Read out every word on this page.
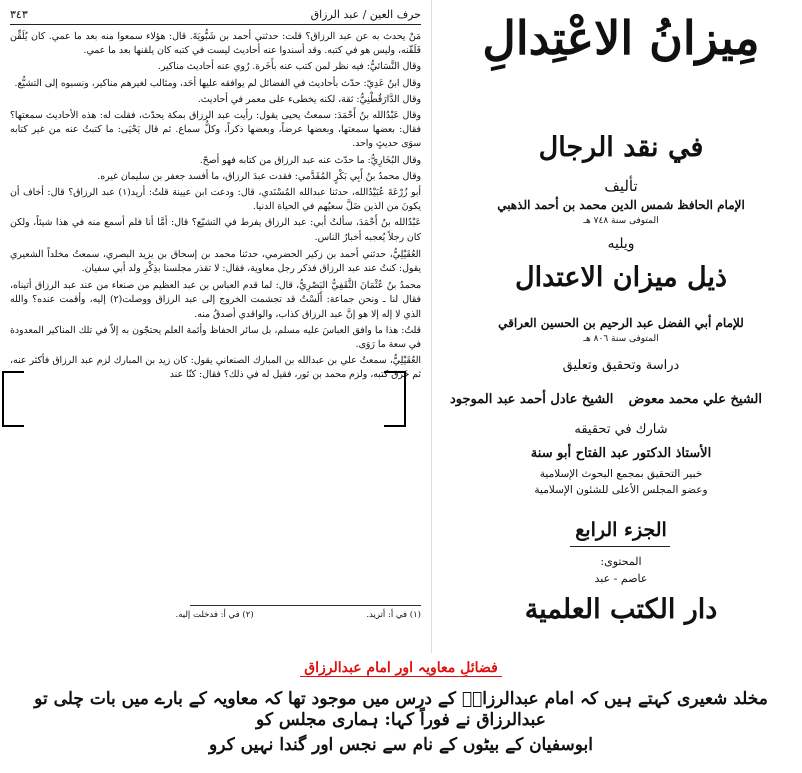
حرف العين / عبد الرزاق
٣٤٣

مَنْ يحدث به عن عبد الرزاق؟ قلت: حدثني أحمد بن شَبُّويَةَ. قال: هؤلاء سمعوا منه بعد ما عمي. كان يُلَقِّن فَلَقّنه، وليس هو في كتبه. وقد أسندوا عنه أحاديث ليست في كتبه كان يلقنها بعد ما عمي.

وقال النَّسَائيُّ: فيه نظر لمن كتب عنه بأَخَرة. رُوي عنه أحاديث مناكير.

وقال ابنُ عَدِيّ: حدّث بأحاديث في الفضائل لم يوافقه عليها أحَد، ومثالب لغيرهم مناكير، ونسبوه إلى التشيُّع.

وقال الدَّارَقُطْنِيُّ: ثقة، لكنه يخطىء على معمر في أحاديث.

وقال عَبْدُالله بنُ أَحْمَدَ: سمعتُ يحيى يقول: رأيت عبد الرزاق بمكة يحدّث، فقلت له: هذه الأحاديث سمعتها؟ فقال: بعضها سمعتها، وبعضها عرضاً، وبعضها ذكراً، وكلٌّ سماع. ثم قال يَحْيَى: ما كتبتُ عنه من غير كتابه سوَى حديثٍ واحد.

وقال البُخَارِيُّ: ما حدّث عنه عبد الرزاق من كتابه فهو أصحّ.

وقال محمدُ بنُ أَبِي بَكْرٍ المُقَدَّمي: فقدت عبدَ الرزاق، ما أفسد جعفر بن سليمان غيره.

أبو زُرْعَةَ عُبَيْدُالله، حدثنا عبدالله المُسْنَدي، قال: ودعت ابن عيينة قلتُ: أريد(١) عبد الرزاق؟ قال: أخاف أن يكونَ من الذين ضَلَّ سعيُهم في الحياة الدنيا.

عَبْدُالله بنُ أَحْمَدَ، سألتُ أبي: عبد الرزاق يفرط في التشيّع؟ قال: أمَّا أنا فلم أسمع منه في هذا شيئاً، ولكن كان رجلاً يُعجبه أخبارُ الناس.

العُقَيْلِيُّ، حدثني أحمد بن زكير الحضرمي، حدثنا محمد بن إسحاق بن يزيد البصري، سمعتُ مخلداً الشعيري يقول: كنتُ عند عبد الرزاق فذكر رجل معاوية، فقال: لا تقذر مجلسنا بذِكْرِ ولد أبي سفيان.

محمدُ بنُ عُثْمَانَ الثَّقَفِيُّ البَصْرِيُّ، قال: لما قدم العباس بن عبد العظيم من صنعاء من عند عبد الرزاق أتيناه، فقال لنا ـ ونحن جماعة: أَلَسْتُ قد تجشمت الخروج إلى عبد الرزاق ووصلت(٢) إليه، وأقمت عنده؟ والله الذي لا إله إلا هو إنَّ عبد الرزاق كذاب، والواقدي أصدقُ منه.

قلتُ: هذا ما وافق العباسَ عليه مسلم، بل سائر الحفاظ وأئمة العلم يحتجّون به إلاّ في تلك المناكير المعدودة في سعة ما رَوَى.

العُقَيْلِيُّ، سمعتُ علي بن عبدالله بن المبارك الصنعاني يقول: كان زيد بن المبارك لزم عبد الرزاق فأكثر عنه، ثم خَرَقَ كتبه، ولزم محمد بن ثور، فقيل له في ذلك؟ فقال: كنّا عند

(١) في أ: أتريد. (٢) في أ: فدخلت إليه.
مِيزانُ الاعْتِدالِ
في نقد الرجال
تأليف
الإمام الحافظ شمس الدين محمد بن أحمد الذهبي
المتوفى سنة ٧٤٨ هـ
ويليه
ذيل ميزان الاعتدال
للإمام أبي الفضل عبد الرحيم بن الحسين العراقي
المتوفى سنة ٨٠٦ هـ
دراسة وتحقيق وتعليق
الشيخ علي محمد معوض
الشيخ عادل أحمد عبد الموجود
شارك في تحقيقه
الأستاذ الدكتور عبد الفتاح أبو سنة
خبير التحقيق بمجمع البحوث الإسلامية
وعضو المجلس الأعلى للشئون الإسلامية
الجزء الرابع
المحتوى:
عاصم - عبد
دار الكتب العلمية
فضائلِ معاویہ اور امام عبدالرزاق
مخلد شعیری کہتے ہیں کہ امام عبدالرزاقؒ کے درس میں موجود تھا کہ معاویہ کے بارے میں بات چلی تو عبدالرزاق نے فوراً کہا: ہماری مجلس کو
ابوسفیان کے بیٹوں کے نام سے نجس اور گندا نہیں کرو
